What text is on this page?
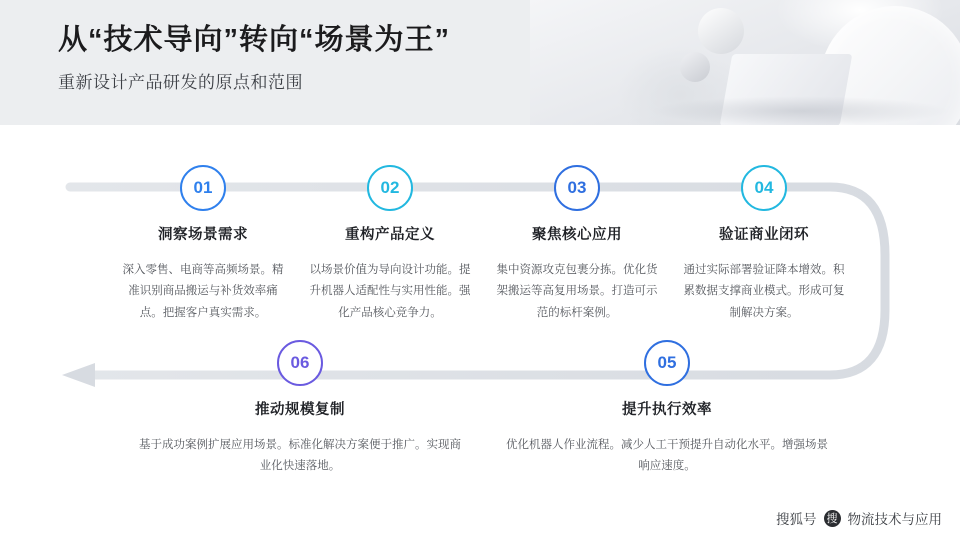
从“技术导向”转向“场景为王”
重新设计产品研发的原点和范围
01
洞察场景需求
深入零售、电商等高频场景。精准识别商品搬运与补货效率痛点。把握客户真实需求。
02
重构产品定义
以场景价值为导向设计功能。提升机器人适配性与实用性能。强化产品核心竞争力。
03
聚焦核心应用
集中资源攻克包裹分拣。优化货架搬运等高复用场景。打造可示范的标杆案例。
04
验证商业闭环
通过实际部署验证降本增效。积累数据支撑商业模式。形成可复制解决方案。
06
推动规模复制
基于成功案例扩展应用场景。标准化解决方案便于推广。实现商业化快速落地。
05
提升执行效率
优化机器人作业流程。减少人工干预提升自动化水平。增强场景响应速度。
搜狐号 搜 物流技术与应用
